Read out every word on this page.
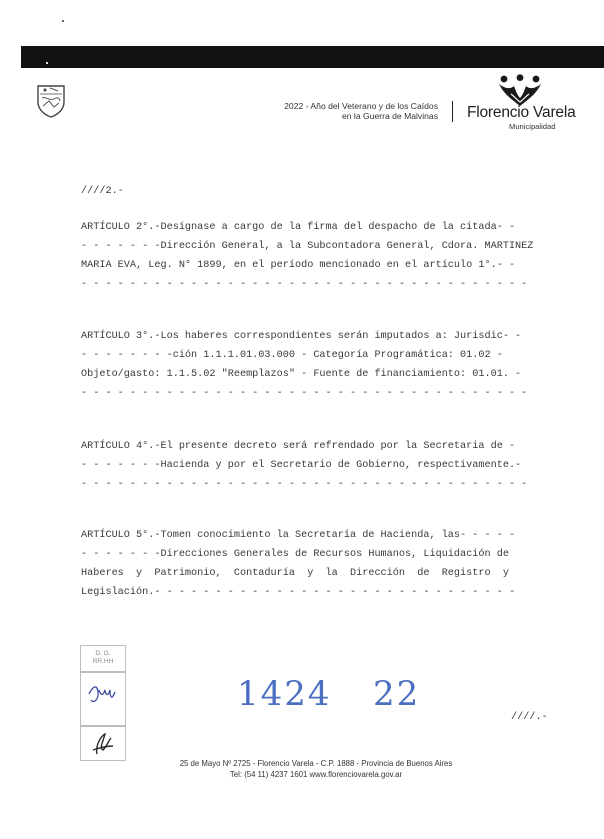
2022 - Año del Veterano y de los Caídos
en la Guerra de Malvinas Florencio Varela
Municipalidad
////2.-
ARTÍCULO 2°.-Desígnase a cargo de la firma del despacho de la citada- -
- - - - - - -Dirección General, a la Subcontadora General, Cdora. MARTINEZ
MARIA EVA, Leg. N° 1899, en el período mencionado en el artículo 1°.- -
- - - - - - - - - - - - - - - - - - - - - - - - - - - - - - - - - - - - -
ARTÍCULO 3°.-Los haberes correspondientes serán imputados a: Jurisdic- -
- - - - - - - -ción 1.1.1.01.03.000 - Categoría Programática: 01.02 -
Objeto/gasto: 1.1.5.02 "Reemplazos" - Fuente de financiamiento: 01.01. -
- - - - - - - - - - - - - - - - - - - - - - - - - - - - - - - - - - - - -
ARTÍCULO 4°.-El presente decreto será refrendado por la Secretaria de -
- - - - - - -Hacienda y por el Secretario de Gobierno, respectivamente.-
- - - - - - - - - - - - - - - - - - - - - - - - - - - - - - - - - - - - -
ARTÍCULO 5°.-Tomen conocimiento la Secretaría de Hacienda, las- - - - -
- - - - - - -Direcciones Generales de Recursos Humanos, Liquidación de
Haberes  y  Patrimonio,  Contaduría  y  la  Dirección  de  Registro  y
Legislación.- - - - - - - - - - - - - - - - - - - - - - - - - - - - - -
D. G.
RR.HH
1424 22
////.-
25 de Mayo Nº 2725 - Florencio Varela - C.P. 1888 - Provincia de Buenos Aires
Tel: (54 11) 4237 1601 www.florenciovarela.gov.ar
